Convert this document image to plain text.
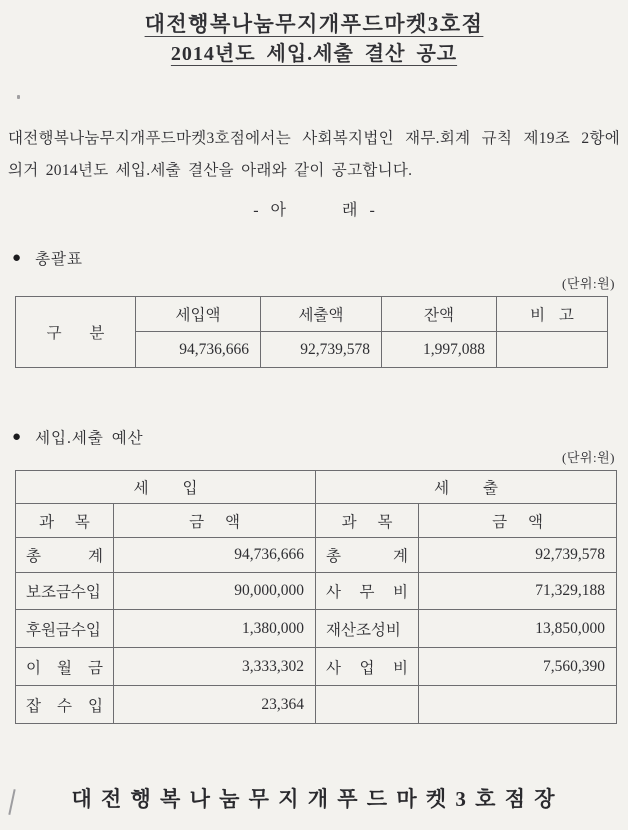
대전행복나눔무지개푸드마켓3호점
2014년도 세입.세출 결산 공고
대전행복나눔무지개푸드마켓3호점에서는 사회복지법인 재무.회계 규칙 제19조 2항에 의거 2014년도 세입.세출 결산을 아래와 같이 공고합니다.
-   아              래   -
● 총괄표
(단위:원)
구 분	세입액	세출액	잔액	비 고
	94,736,666	92,739,578	1,997,088	
● 세입.세출 예산
(단위:원)
세 입		세 출	
과 목	금 액	과 목	금 액
총 계	94,736,666	총 계	92,739,578
보조금수입	90,000,000	사 무 비	71,329,188
후원금수입	1,380,000	재산조성비	13,850,000
이 월 금	3,333,302	사 업 비	7,560,390
잡 수 입	23,364		
대 전 행 복 나 눔 무 지 개 푸 드 마 켓 3 호 점 장
